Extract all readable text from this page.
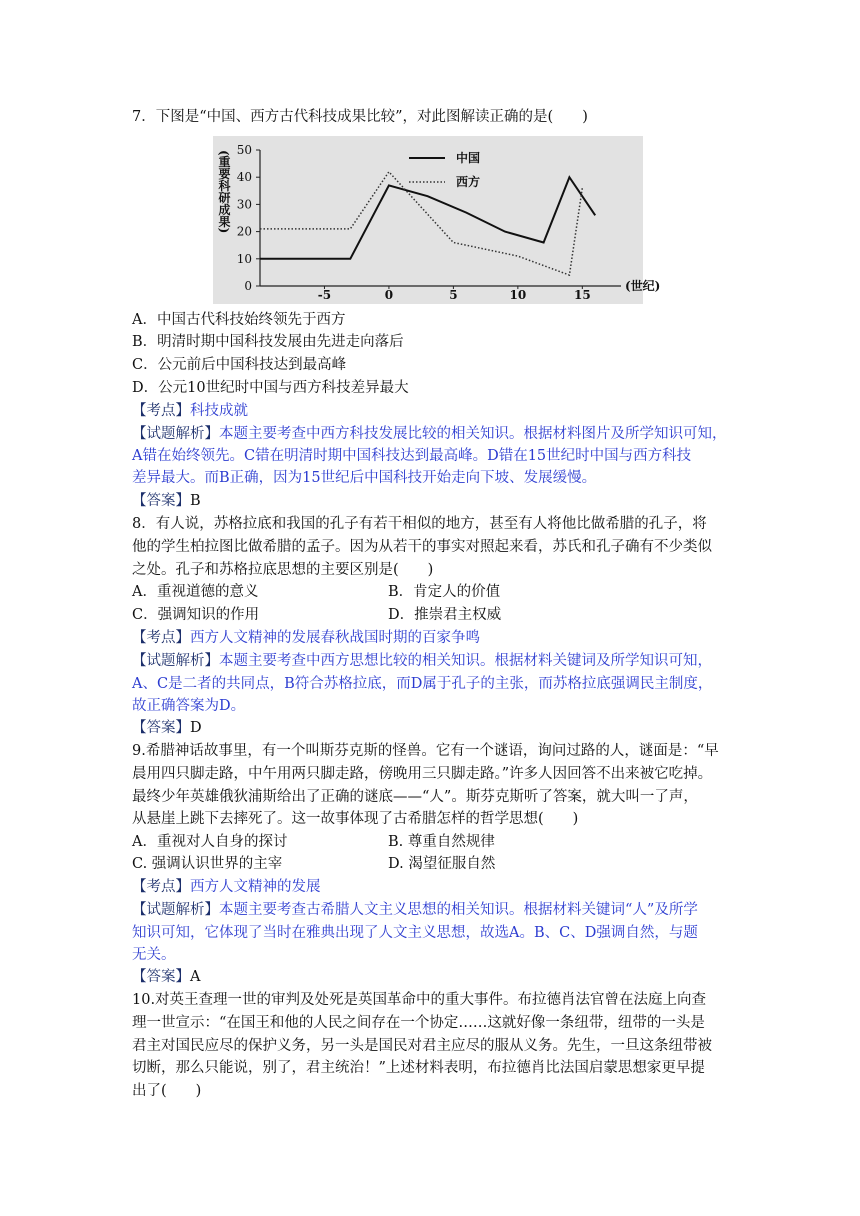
7．下图是“中国、西方古代科技成果比较”，对此图解读正确的是(　　)
0
10
20
30
40
50
-5	0	5	10	15
(重要科研成果)
(世纪)
中国
西方
A．中国古代科技始终领先于西方
B．明清时期中国科技发展由先进走向落后
C．公元前后中国科技达到最高峰
D．公元10世纪时中国与西方科技差异最大
【考点】科技成就
【试题解析】本题主要考查中西方科技发展比较的相关知识。根据材料图片及所学知识可知，
A错在始终领先。C错在明清时期中国科技达到最高峰。D错在15世纪时中国与西方科技
差异最大。而B正确，因为15世纪后中国科技开始走向下坡、发展缓慢。
【答案】B
8．有人说，苏格拉底和我国的孔子有若干相似的地方，甚至有人将他比做希腊的孔子，将
他的学生柏拉图比做希腊的孟子。因为从若干的事实对照起来看，苏氏和孔子确有不少类似
之处。孔子和苏格拉底思想的主要区别是(　　)
A．重视道德的意义	B．肯定人的价值
C．强调知识的作用	D．推崇君主权威
【考点】西方人文精神的发展春秋战国时期的百家争鸣
【试题解析】本题主要考查中西方思想比较的相关知识。根据材料关键词及所学知识可知，
A、C是二者的共同点，B符合苏格拉底，而D属于孔子的主张，而苏格拉底强调民主制度，
故正确答案为D。
【答案】D
9.希腊神话故事里，有一个叫斯芬克斯的怪兽。它有一个谜语，询问过路的人，谜面是：“早
晨用四只脚走路，中午用两只脚走路，傍晚用三只脚走路。”许多人因回答不出来被它吃掉。
最终少年英雄俄狄浦斯给出了正确的谜底——“人”。斯芬克斯听了答案，就大叫一了声，
从悬崖上跳下去摔死了。这一故事体现了古希腊怎样的哲学思想(　　)
A．重视对人自身的探讨	B. 尊重自然规律
C. 强调认识世界的主宰	D. 渴望征服自然
【考点】西方人文精神的发展
【试题解析】本题主要考查古希腊人文主义思想的相关知识。根据材料关键词“人”及所学
知识可知，它体现了当时在雅典出现了人文主义思想，故选A。B、C、D强调自然，与题
无关。
【答案】A
10.对英王查理一世的审判及处死是英国革命中的重大事件。布拉德肖法官曾在法庭上向查
理一世宣示：“在国王和他的人民之间存在一个协定……这就好像一条纽带，纽带的一头是
君主对国民应尽的保护义务，另一头是国民对君主应尽的服从义务。先生，一旦这条纽带被
切断，那么只能说，别了，君主统治！”上述材料表明，布拉德肖比法国启蒙思想家更早提
出了(　　)
